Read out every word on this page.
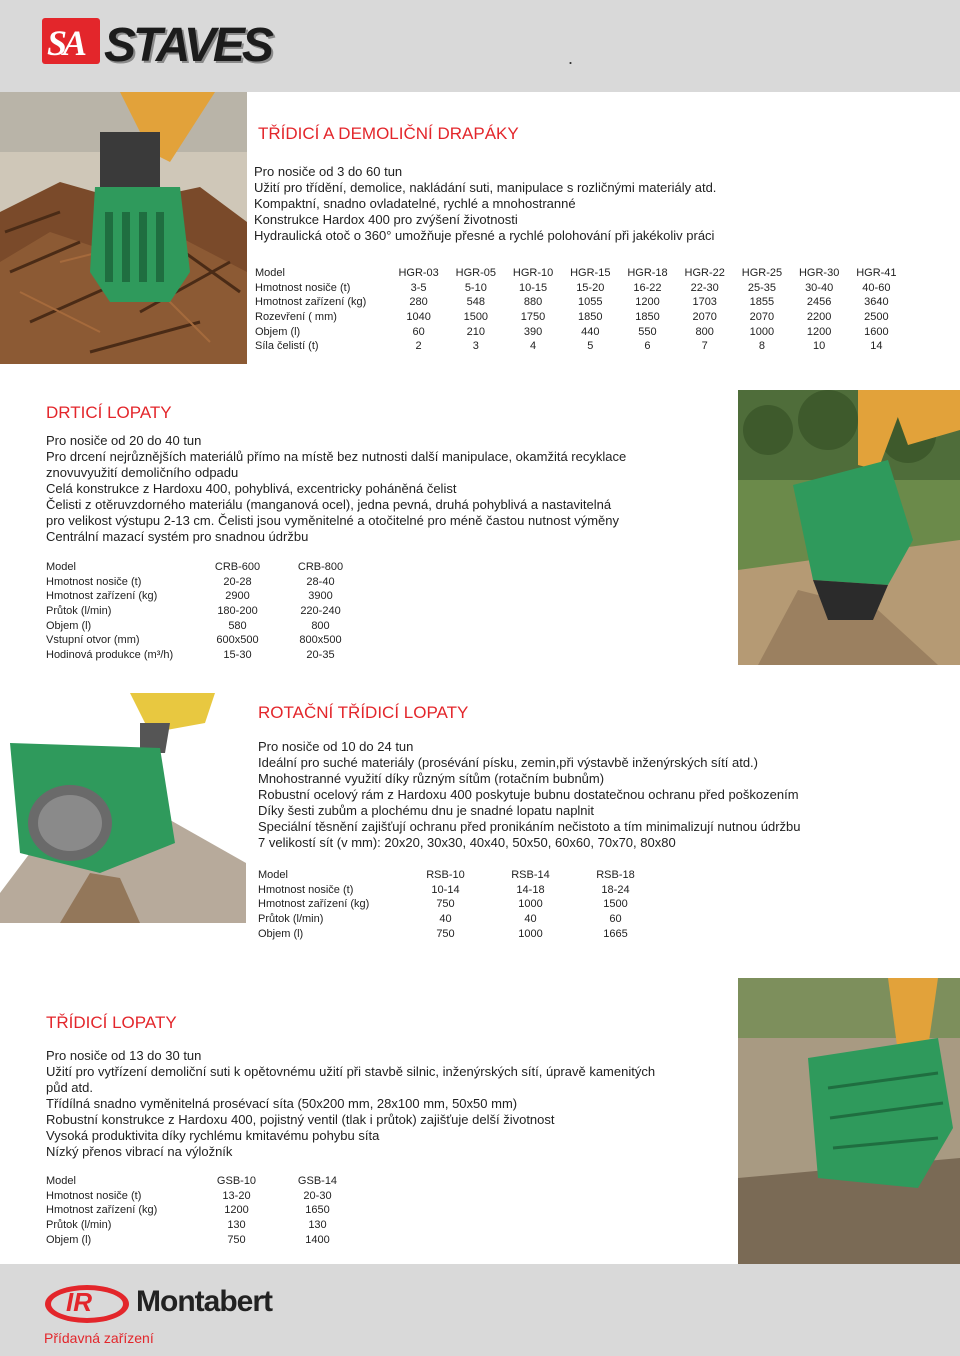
SA STAVES	.
TŘÍDICÍ A DEMOLIČNÍ DRAPÁKY
Pro nosiče od 3 do 60 tun
Užití pro třídění, demolice, nakládání suti, manipulace s rozličnými materiály atd.
Kompaktní, snadno ovladatelné, rychlé a mnohostranné
Konstrukce Hardox 400 pro zvýšení životnosti
Hydraulická otoč o 360° umožňuje přesné a rychlé polohování při jakékoliv práci
Model	HGR-03	HGR-05	HGR-10	HGR-15	HGR-18	HGR-22	HGR-25	HGR-30	HGR-41
Hmotnost nosiče (t)	3-5	5-10	10-15	15-20	16-22	22-30	25-35	30-40	40-60
Hmotnost zařízení (kg)	280	548	880	1055	1200	1703	1855	2456	3640
Rozevření ( mm)	1040	1500	1750	1850	1850	2070	2070	2200	2500
Objem (l)	60	210	390	440	550	800	1000	1200	1600
Síla čelistí (t)	2	3	4	5	6	7	8	10	14
DRTICÍ LOPATY
Pro nosiče od 20 do 40 tun
Pro drcení nejrůznějších materiálů přímo na místě bez nutnosti další manipulace, okamžitá recyklace
znovuvyužití demoličního odpadu
Celá konstrukce z Hardoxu 400, pohyblivá, excentricky poháněná čelist
Čelisti z otěruvzdorného materiálu (manganová ocel), jedna pevná, druhá pohyblivá a nastavitelná
pro velikost výstupu 2-13 cm. Čelisti jsou vyměnitelné a otočitelné pro méně častou nutnost výměny
Centrální mazací systém pro snadnou údržbu
Model	CRB-600	CRB-800
Hmotnost nosiče (t)	20-28	28-40
Hmotnost zařízení (kg)	2900	3900
Průtok (l/min)	180-200	220-240
Objem (l)	580	800
Vstupní otvor (mm)	600x500	800x500
Hodinová produkce (m³/h)	15-30	20-35
ROTAČNÍ TŘÍDICÍ LOPATY
Pro nosiče od 10 do 24 tun
Ideální pro suché materiály (prosévání písku, zemin,při výstavbě inženýrských sítí atd.)
Mnohostranné využití díky různým sítům (rotačním bubnům)
Robustní ocelový rám z Hardoxu 400 poskytuje bubnu dostatečnou ochranu před poškozením
Díky šesti zubům a plochému dnu je snadné lopatu naplnit
Speciální těsnění zajišťují ochranu před pronikáním nečistoto a tím minimalizují nutnou údržbu
7 velikostí sít (v mm): 20x20, 30x30, 40x40, 50x50, 60x60, 70x70, 80x80
Model	RSB-10	RSB-14	RSB-18
Hmotnost nosiče (t)	10-14	14-18	18-24
Hmotnost zařízení (kg)	750	1000	1500
Průtok (l/min)	40	40	60
Objem (l)	750	1000	1665
TŘÍDICÍ LOPATY
Pro nosiče od 13 do 30 tun
Užití pro vytřízení demoliční suti k opětovnému užití při stavbě silnic, inženýrských sítí, úpravě kamenitých
půd atd.
Třídílná snadno vyměnitelná prosévací síta (50x200 mm, 28x100 mm, 50x50 mm)
Robustní konstrukce z Hardoxu 400, pojistný ventil (tlak i průtok) zajišťuje delší životnost
Vysoká produktivita díky rychlému kmitavému pohybu síta
Nízký přenos vibrací na výložník
Model	GSB-10	GSB-14
Hmotnost nosiče (t)	13-20	20-30
Hmotnost zařízení (kg)	1200	1650
Průtok (l/min)	130	130
Objem (l)	750	1400
IR Montabert
Přídavná zařízení
